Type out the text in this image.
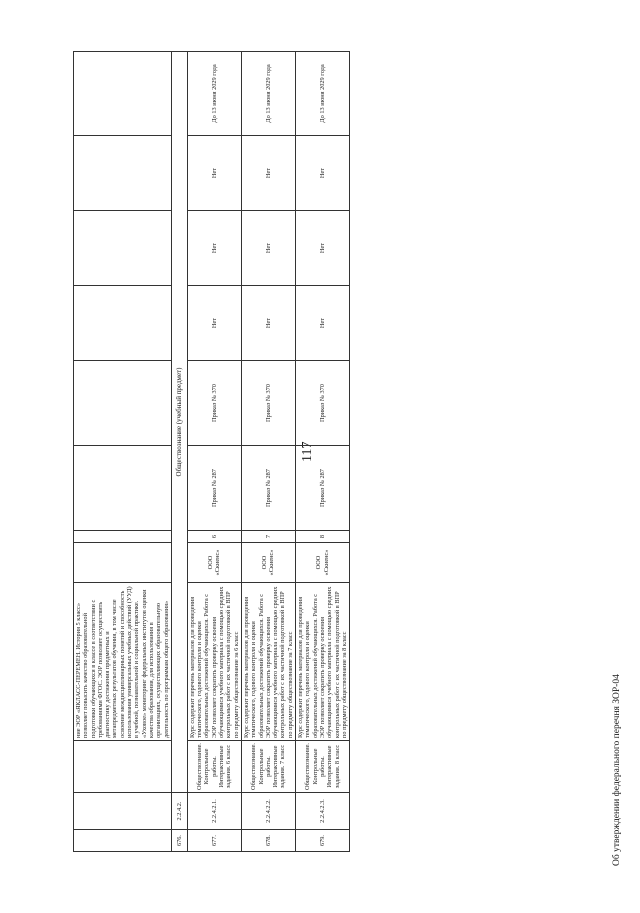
117
			ние ЭОР «ЯКЛАСС-ПЕРЕМЕН. История 5 класс» позволяет повысить качество образовательной подготовки обучающихся в классе в соответствии с требованиями ФГОС. ЭОР позволяет осуществить диагностику достижения предметных и метапредметных результатов обучения, в том числе освоение междисциплинарных понятий и способность использования универсальных учебных действий (УУД) в учебной, познавательной и социальной практике. «Уховое» мониторинг федеральных институтов оценки качества образования, для использования в организациях, осуществляющих образовательную деятельность по программам общего образования»								
676.	2.2.4.2.	Обществознание (учебный предмет)									
677.	2.2.4.2.1.	Обществознание. Контрольные работы. Интерактивные задания. 6 класс	Курс содержит перечень материалов для проведения тематического, годового контроля и оценки образовательных достижений обучающихся. Работа с ЭОР позволяет сократить проверку освоения обучающимися учебного материала с помощью средних контрольных работ с их частичной подготовкой в ВПР по предмету обществознание за 6 класс	ООО «Скиенс»	6	Приказ № 287	Приказ № 370	Нет	Нет	Нет	До 13 июня 2029 года
678.	2.2.4.2.2.	Обществознание. Контрольные работы. Интерактивные задания. 7 класс	Курс содержит перечень материалов для проведения тематического, годового контроля и оценки образовательных достижений обучающихся. Работа с ЭОР позволяет сократить проверку освоения обучающимися учебного материала с помощью средних контрольных работ с их частичной подготовкой в ВПР по предмету обществознание за 7 класс	ООО «Скиенс»	7	Приказ № 287	Приказ № 370	Нет	Нет	Нет	До 13 июня 2029 года
679.	2.2.4.2.3.	Обществознание. Контрольные работы. Интерактивные задания. 8 класс	Курс содержит перечень материалов для проведения тематического, годового контроля и оценки образовательных достижений обучающихся. Работа с ЭОР позволяет сократить проверку освоения обучающимися учебного материала с помощью средних контрольных работ с их частичной подготовкой в ВПР по предмету обществознание за 8 класс	ООО «Скиенс»	8	Приказ № 287	Приказ № 370	Нет	Нет	Нет	До 13 июня 2029 года
Об утверждении федерального перечня ЗОР-04
